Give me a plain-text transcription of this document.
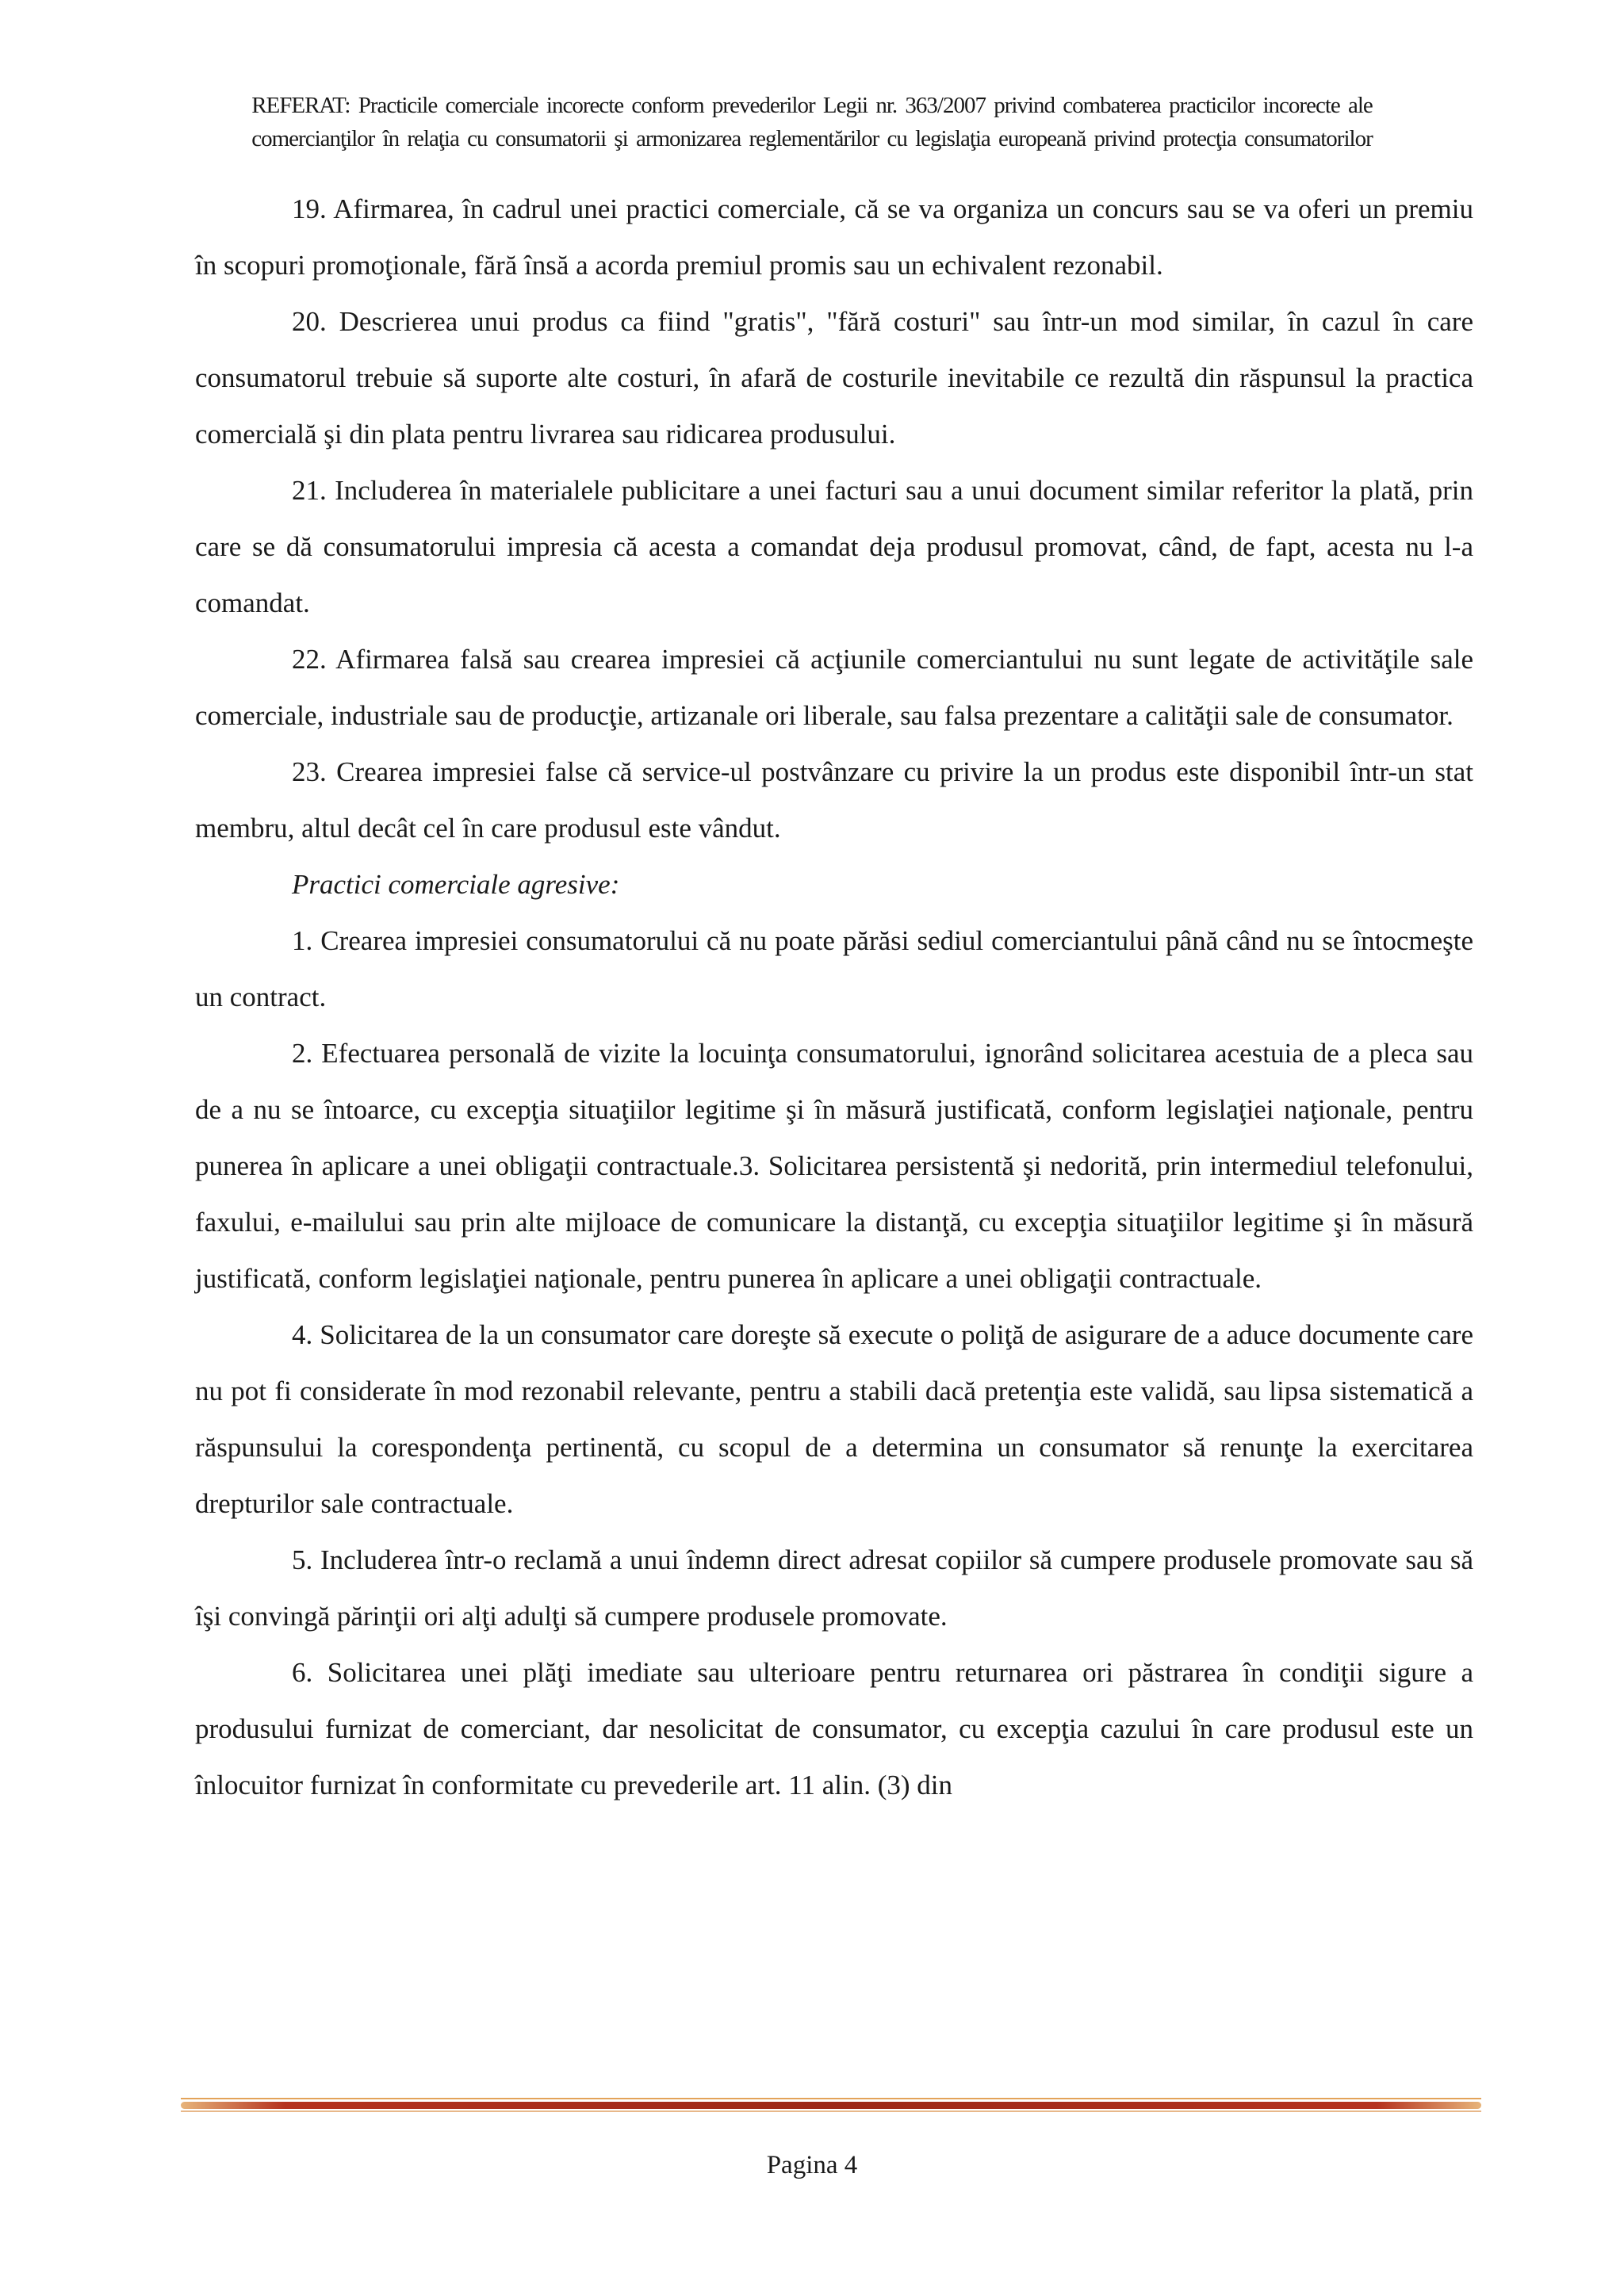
REFERAT: Practicile comerciale incorecte conform prevederilor Legii nr. 363/2007 privind combaterea practicilor incorecte ale
comercianţilor în relaţia cu consumatorii şi armonizarea reglementărilor cu legislaţia europeană privind protecţia consumatorilor

19. Afirmarea, în cadrul unei practici comerciale, că se va organiza un concurs sau se va oferi un premiu în scopuri promoţionale, fără însă a acorda premiul promis sau un echivalent rezonabil.

20. Descrierea unui produs ca fiind "gratis", "fără costuri" sau într-un mod similar, în cazul în care consumatorul trebuie să suporte alte costuri, în afară de costurile inevitabile ce rezultă din răspunsul la practica comercială şi din plata pentru livrarea sau ridicarea produsului.

21. Includerea în materialele publicitare a unei facturi sau a unui document similar referitor la plată, prin care se dă consumatorului impresia că acesta a comandat deja produsul promovat, când, de fapt, acesta nu l-a comandat.

22. Afirmarea falsă sau crearea impresiei că acţiunile comerciantului nu sunt legate de activităţile sale comerciale, industriale sau de producţie, artizanale ori liberale, sau falsa prezentare a calităţii sale de consumator.

23. Crearea impresiei false că service-ul postvânzare cu privire la un produs este disponibil într-un stat membru, altul decât cel în care produsul este vândut.

Practici comerciale agresive:

1. Crearea impresiei consumatorului că nu poate părăsi sediul comerciantului până când nu se întocmeşte un contract.

2. Efectuarea personală de vizite la locuinţa consumatorului, ignorând solicitarea acestuia de a pleca sau de a nu se întoarce, cu excepţia situaţiilor legitime şi în măsură justificată, conform legislaţiei naţionale, pentru punerea în aplicare a unei obligaţii contractuale.3. Solicitarea persistentă şi nedorită, prin intermediul telefonului, faxului, e-mailului sau prin alte mijloace de comunicare la distanţă, cu excepţia situaţiilor legitime şi în măsură justificată, conform legislaţiei naţionale, pentru punerea în aplicare a unei obligaţii contractuale.

4. Solicitarea de la un consumator care doreşte să execute o poliţă de asigurare de a aduce documente care nu pot fi considerate în mod rezonabil relevante, pentru a stabili dacă pretenţia este validă, sau lipsa sistematică a răspunsului la corespondenţa pertinentă, cu scopul de a determina un consumator să renunţe la exercitarea drepturilor sale contractuale.

5. Includerea într-o reclamă a unui îndemn direct adresat copiilor să cumpere produsele promovate sau să îşi convingă părinţii ori alţi adulţi să cumpere produsele promovate.

6. Solicitarea unei plăţi imediate sau ulterioare pentru returnarea ori păstrarea în condiţii sigure a produsului furnizat de comerciant, dar nesolicitat de consumator, cu excepţia cazului în care produsul este un înlocuitor furnizat în conformitate cu prevederile art. 11 alin. (3) din

Pagina 4
